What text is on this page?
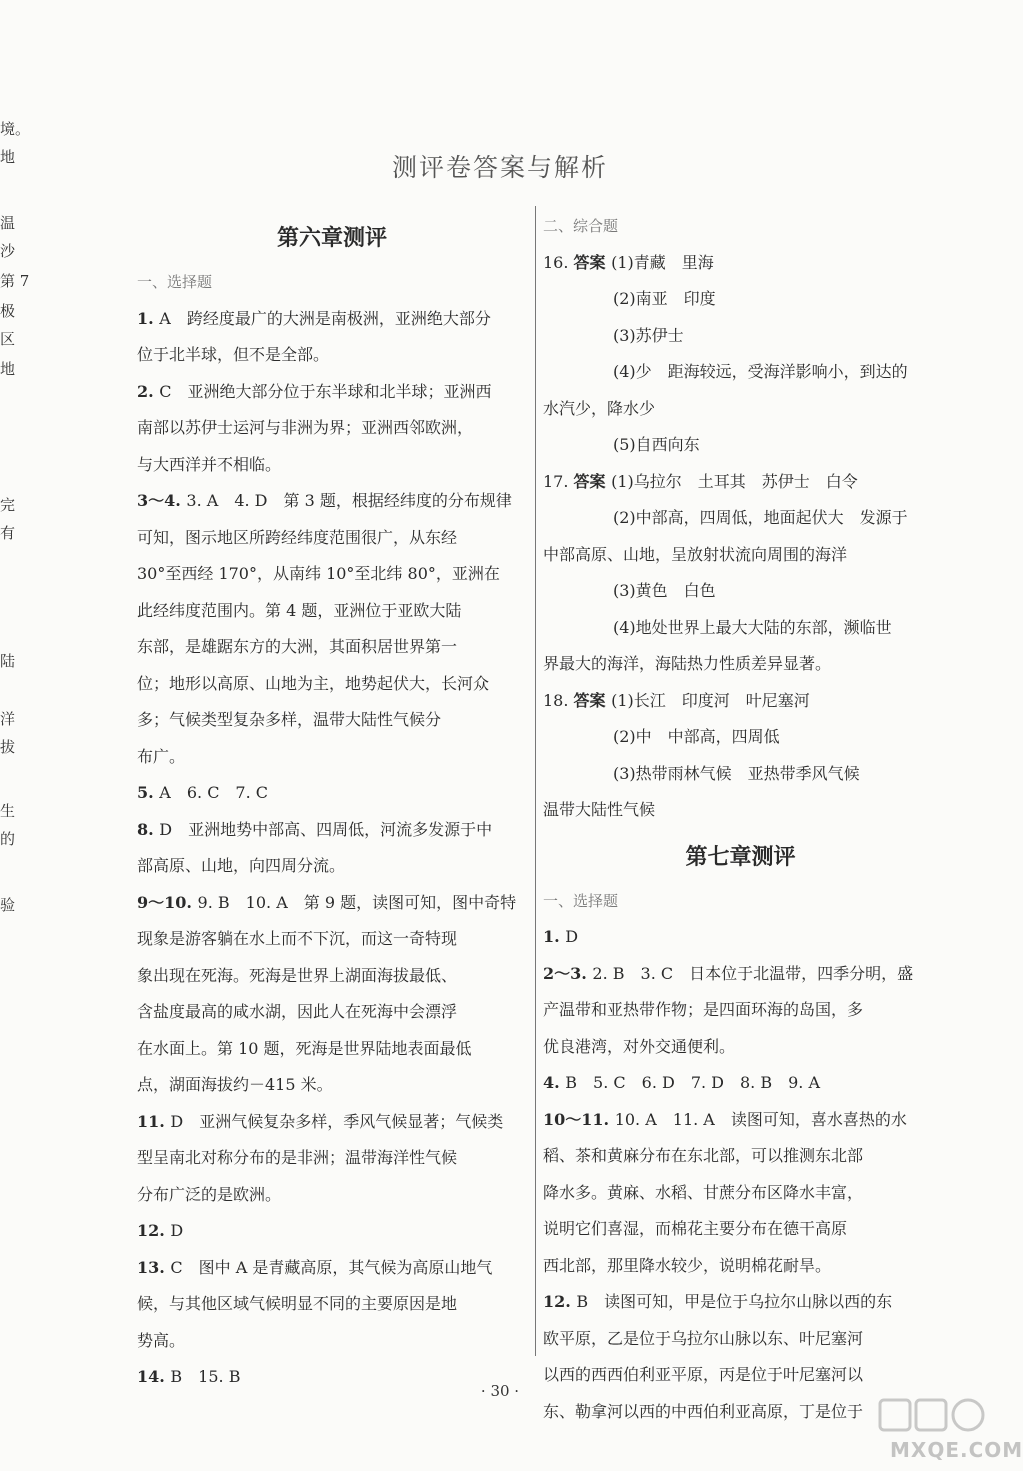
境。
地
温
沙
第 7
极
区
地
完
有
陆
洋
拔
生
的
验
测评卷答案与解析
第六章测评
一、选择题
1. A　跨经度最广的大洲是南极洲，亚洲绝大部分
位于北半球，但不是全部。
2. C　亚洲绝大部分位于东半球和北半球；亚洲西
南部以苏伊士运河与非洲为界；亚洲西邻欧洲，
与大西洋并不相临。
3～4. 3. A　4. D　第 3 题，根据经纬度的分布规律
可知，图示地区所跨经纬度范围很广，从东经
30°至西经 170°，从南纬 10°至北纬 80°，亚洲在
此经纬度范围内。第 4 题，亚洲位于亚欧大陆
东部，是雄踞东方的大洲，其面积居世界第一
位；地形以高原、山地为主，地势起伏大，长河众
多；气候类型复杂多样，温带大陆性气候分
布广。
5. A　6. C　7. C
8. D　亚洲地势中部高、四周低，河流多发源于中
部高原、山地，向四周分流。
9～10. 9. B　10. A　第 9 题，读图可知，图中奇特
现象是游客躺在水上而不下沉，而这一奇特现
象出现在死海。死海是世界上湖面海拔最低、
含盐度最高的咸水湖，因此人在死海中会漂浮
在水面上。第 10 题，死海是世界陆地表面最低
点，湖面海拔约－415 米。
11. D　亚洲气候复杂多样，季风气候显著；气候类
型呈南北对称分布的是非洲；温带海洋性气候
分布广泛的是欧洲。
12. D
13. C　图中 A 是青藏高原，其气候为高原山地气
候，与其他区域气候明显不同的主要原因是地
势高。
14. B　15. B
二、综合题
16. 答案 (1)青藏　里海
(2)南亚　印度
(3)苏伊士
(4)少　距海较远，受海洋影响小，到达的
水汽少，降水少
(5)自西向东
17. 答案 (1)乌拉尔　土耳其　苏伊士　白令
(2)中部高，四周低，地面起伏大　发源于
中部高原、山地，呈放射状流向周围的海洋
(3)黄色　白色
(4)地处世界上最大大陆的东部，濒临世
界最大的海洋，海陆热力性质差异显著。
18. 答案 (1)长江　印度河　叶尼塞河
(2)中　中部高，四周低
(3)热带雨林气候　亚热带季风气候
温带大陆性气候
第七章测评
一、选择题
1. D
2～3. 2. B　3. C　日本位于北温带，四季分明，盛
产温带和亚热带作物；是四面环海的岛国，多
优良港湾，对外交通便利。
4. B　5. C　6. D　7. D　8. B　9. A
10～11. 10. A　11. A　读图可知，喜水喜热的水
稻、茶和黄麻分布在东北部，可以推测东北部
降水多。黄麻、水稻、甘蔗分布区降水丰富，
说明它们喜湿，而棉花主要分布在德干高原
西北部，那里降水较少，说明棉花耐旱。
12. B　读图可知，甲是位于乌拉尔山脉以西的东
欧平原，乙是位于乌拉尔山脉以东、叶尼塞河
以西的西西伯利亚平原，丙是位于叶尼塞河以
东、勒拿河以西的中西伯利亚高原，丁是位于
· 30 ·
MXQE.COM
